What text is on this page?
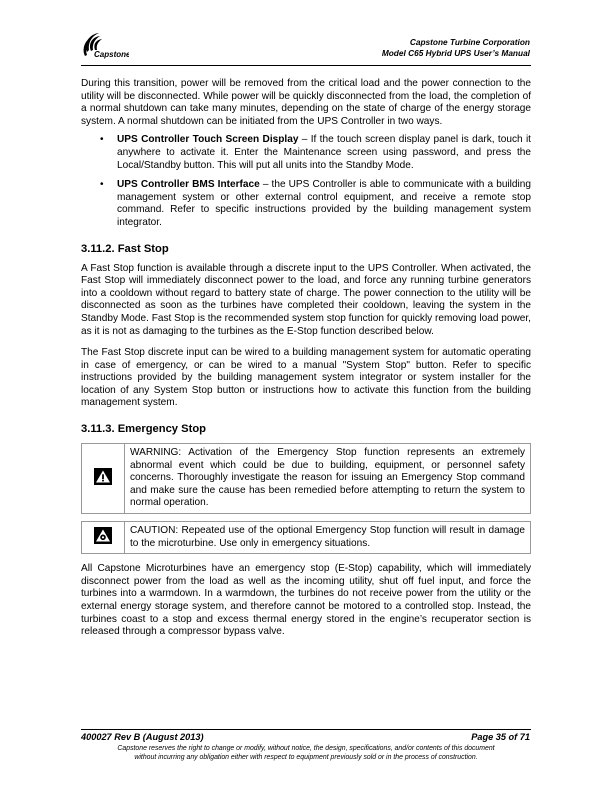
Capstone
Capstone Turbine Corporation
Model C65 Hybrid UPS User’s Manual

During this transition, power will be removed from the critical load and the power connection to the utility will be disconnected. While power will be quickly disconnected from the load, the completion of a normal shutdown can take many minutes, depending on the state of charge of the energy storage system. A normal shutdown can be initiated from the UPS Controller in two ways.

• UPS Controller Touch Screen Display – If the touch screen display panel is dark, touch it anywhere to activate it. Enter the Maintenance screen using password, and press the Local/Standby button. This will put all units into the Standby Mode.
• UPS Controller BMS Interface – the UPS Controller is able to communicate with a building management system or other external control equipment, and receive a remote stop command. Refer to specific instructions provided by the building management system integrator.
3.11.2. Fast Stop

A Fast Stop function is available through a discrete input to the UPS Controller. When activated, the Fast Stop will immediately disconnect power to the load, and force any running turbine generators into a cooldown without regard to battery state of charge. The power connection to the utility will be disconnected as soon as the turbines have completed their cooldown, leaving the system in the Standby Mode. Fast Stop is the recommended system stop function for quickly removing load power, as it is not as damaging to the turbines as the E-Stop function described below.

The Fast Stop discrete input can be wired to a building management system for automatic operating in case of emergency, or can be wired to a manual "System Stop" button. Refer to specific instructions provided by the building management system integrator or system installer for the location of any System Stop button or instructions how to activate this function from the building management system.

3.11.3. Emergency Stop
	WARNING: Activation of the Emergency Stop function represents an extremely abnormal event which could be due to building, equipment, or personnel safety concerns. Thoroughly investigate the reason for issuing an Emergency Stop command and make sure the cause has been remedied before attempting to return the system to normal operation.
	CAUTION: Repeated use of the optional Emergency Stop function will result in damage to the microturbine. Use only in emergency situations.

All Capstone Microturbines have an emergency stop (E-Stop) capability, which will immediately disconnect power from the load as well as the incoming utility, shut off fuel input, and force the turbines into a warmdown. In a warmdown, the turbines do not receive power from the utility or the external energy storage system, and therefore cannot be motored to a controlled stop. Instead, the turbines coast to a stop and excess thermal energy stored in the engine’s recuperator section is released through a compressor bypass valve.

400027 Rev B (August 2013)	Page 35 of 71
Capstone reserves the right to change or modify, without notice, the design, specifications, and/or contents of this document
without incurring any obligation either with respect to equipment previously sold or in the process of construction.
